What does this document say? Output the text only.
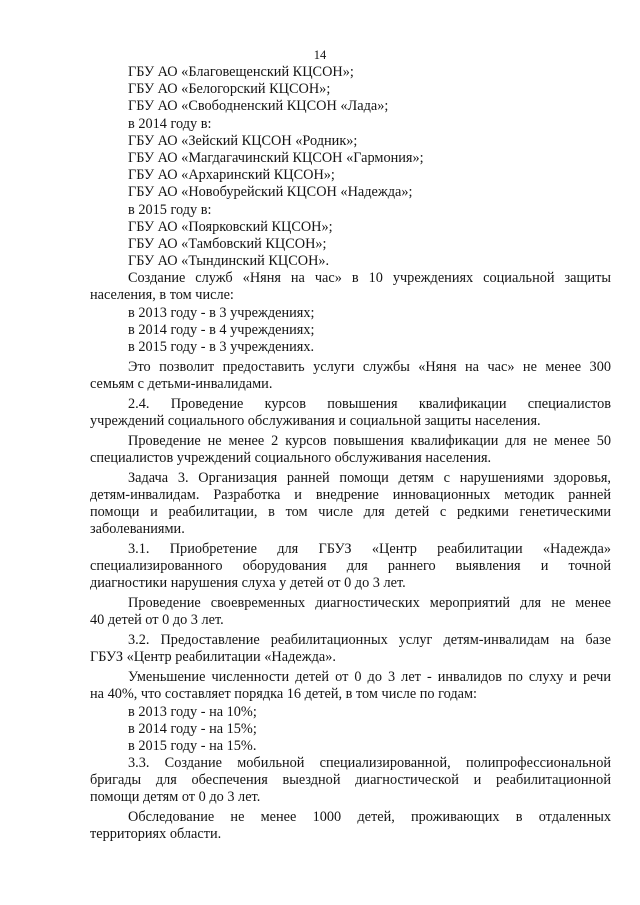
14
ГБУ АО «Благовещенский КЦСОН»;
ГБУ АО «Белогорский КЦСОН»;
ГБУ АО «Свободненский КЦСОН «Лада»;
в 2014 году в:
ГБУ АО «Зейский КЦСОН «Родник»;
ГБУ АО «Магдагачинский КЦСОН «Гармония»;
ГБУ АО «Архаринский КЦСОН»;
ГБУ АО «Новобурейский КЦСОН «Надежда»;
в 2015 году в:
ГБУ АО «Поярковский КЦСОН»;
ГБУ АО «Тамбовский КЦСОН»;
ГБУ АО «Тындинский КЦСОН».
Создание служб «Няня на час» в 10 учреждениях социальной защиты
населения, в том числе:
в 2013 году - в 3 учреждениях;
в 2014 году - в 4 учреждениях;
в 2015 году - в 3 учреждениях.
Это позволит предоставить услуги службы «Няня на час» не менее 300
семьям с детьми-инвалидами.
2.4. Проведение курсов повышения квалификации специалистов
учреждений социального обслуживания и социальной защиты населения.
Проведение не менее 2 курсов повышения квалификации для не менее 50
специалистов учреждений социального обслуживания населения.
Задача 3. Организация ранней помощи детям с нарушениями здоровья,
детям-инвалидам. Разработка и внедрение инновационных методик ранней
помощи и реабилитации, в том числе для детей с редкими генетическими
заболеваниями.
3.1. Приобретение для ГБУЗ «Центр реабилитации «Надежда»
специализированного оборудования для раннего выявления и точной
диагностики нарушения слуха у детей от 0 до 3 лет.
Проведение своевременных диагностических мероприятий для не менее
40 детей от 0 до 3 лет.
3.2. Предоставление реабилитационных услуг детям-инвалидам на базе
ГБУЗ «Центр реабилитации «Надежда».
Уменьшение численности детей от 0 до 3 лет - инвалидов по слуху и речи
на 40%, что составляет порядка 16 детей, в том числе по годам:
в 2013 году - на 10%;
в 2014 году - на 15%;
в 2015 году - на 15%.
3.3. Создание мобильной специализированной, полипрофессиональной
бригады для обеспечения выездной диагностической и реабилитационной
помощи детям от 0 до 3 лет.
Обследование не менее 1000 детей, проживающих в отдаленных
территориях области.
